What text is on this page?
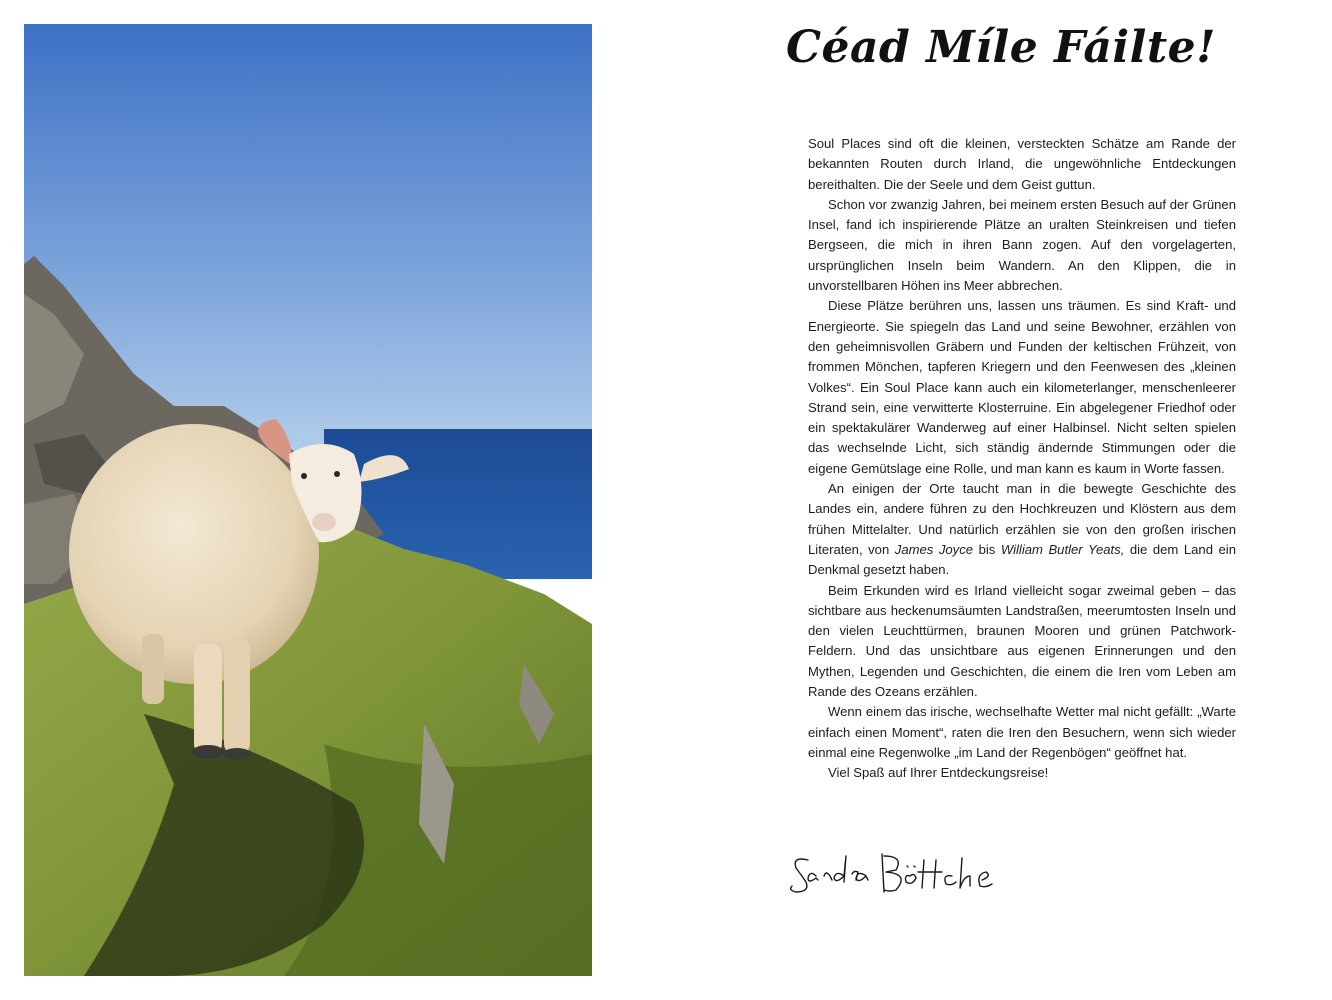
Céad Míle Fáilte!

Soul Places sind oft die kleinen, versteckten Schätze am Rande der bekannten Routen durch Irland, die ungewöhnliche Entdeckungen bereithalten. Die der Seele und dem Geist guttun.

Schon vor zwanzig Jahren, bei meinem ersten Besuch auf der Grünen Insel, fand ich inspirierende Plätze an uralten Steinkreisen und tiefen Bergseen, die mich in ihren Bann zogen. Auf den vorgelagerten, ursprünglichen Inseln beim Wandern. An den Klippen, die in unvorstellbaren Höhen ins Meer abbrechen.

Diese Plätze berühren uns, lassen uns träumen. Es sind Kraft- und Energieorte. Sie spiegeln das Land und seine Bewohner, erzählen von den geheimnisvollen Gräbern und Funden der keltischen Frühzeit, von frommen Mönchen, tapferen Kriegern und den Feenwesen des „kleinen Volkes“. Ein Soul Place kann auch ein kilometerlanger, menschenleerer Strand sein, eine verwitterte Klosterruine. Ein abgelegener Friedhof oder ein spektakulärer Wanderweg auf einer Halbinsel. Nicht selten spielen das wechselnde Licht, sich ständig ändernde Stimmungen oder die eigene Gemütslage eine Rolle, und man kann es kaum in Worte fassen.

An einigen der Orte taucht man in die bewegte Geschichte des Landes ein, andere führen zu den Hochkreuzen und Klöstern aus dem frühen Mittelalter. Und natürlich erzählen sie von den großen irischen Literaten, von James Joyce bis William Butler Yeats, die dem Land ein Denkmal gesetzt haben.

Beim Erkunden wird es Irland vielleicht sogar zweimal geben – das sichtbare aus heckenumsäumten Landstraßen, meerumtosten Inseln und den vielen Leuchttürmen, braunen Mooren und grünen Patchwork-Feldern. Und das unsichtbare aus eigenen Erinnerungen und den Mythen, Legenden und Geschichten, die einem die Iren vom Leben am Rande des Ozeans erzählen.

Wenn einem das irische, wechselhafte Wetter mal nicht gefällt: „Warte einfach einen Moment“, raten die Iren den Besuchern, wenn sich wieder einmal eine Regenwolke „im Land der Regenbögen“ geöffnet hat.

Viel Spaß auf Ihrer Entdeckungsreise!
